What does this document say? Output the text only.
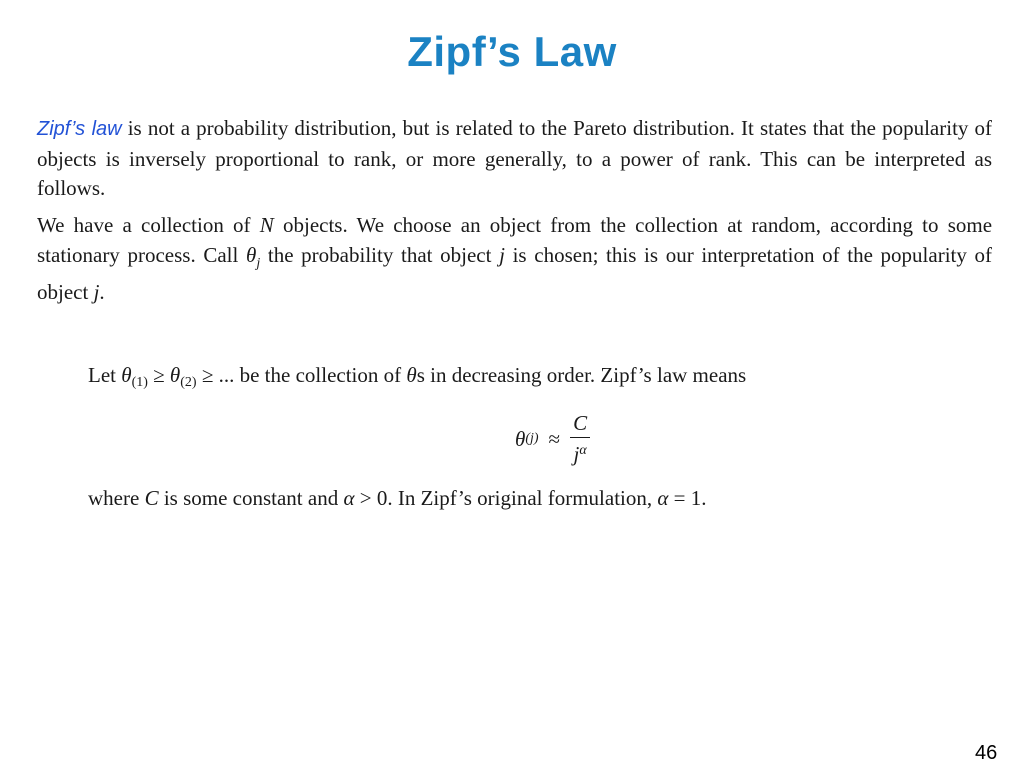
Zipf’s Law
Zipf’s law is not a probability distribution, but is related to the Pareto distribution. It states that the popularity of objects is inversely proportional to rank, or more generally, to a power of rank. This can be interpreted as follows.
We have a collection of N objects. We choose an object from the collection at random, according to some stationary process. Call $\theta_j$ the probability that object j is chosen; this is our interpretation of the popularity of object j.
Let $\theta_{(1)} \ge \theta_{(2)}$ ≥ ... be the collection of θs in decreasing order. Zipf’s law means
θ $(j) \approx \frac{C}{j^\alpha}$
where C is some constant and α > 0. In Zipf’s original formulation, α = 1.
46
